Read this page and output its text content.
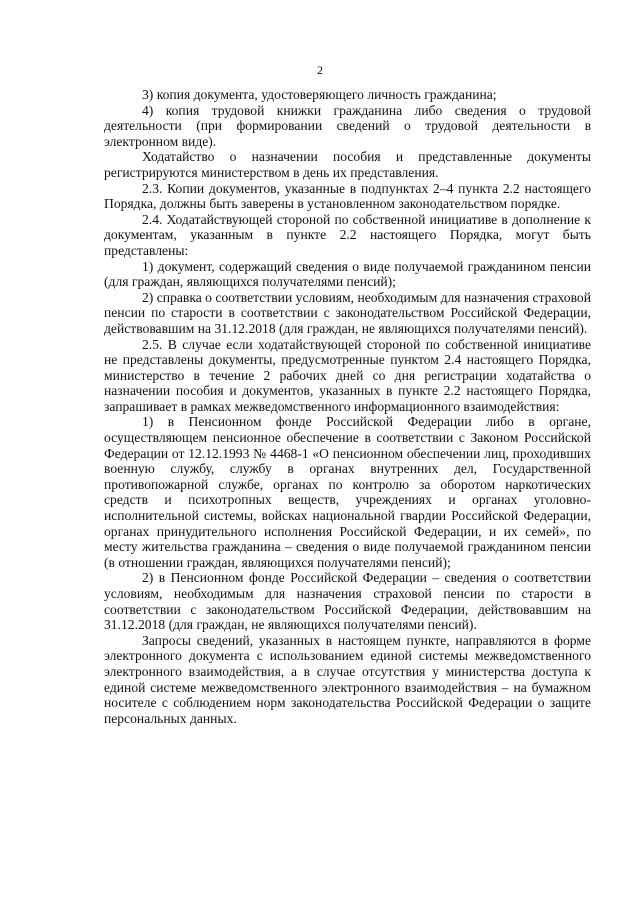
2

3) копия документа, удостоверяющего личность гражданина;

4) копия трудовой книжки гражданина либо сведения о трудовой деятельности (при формировании сведений о трудовой деятельности в электронном виде).

Ходатайство о назначении пособия и представленные документы регистрируются министерством в день их представления.

2.3. Копии документов, указанные в подпунктах 2–4 пункта 2.2 настоящего Порядка, должны быть заверены в установленном законодательством порядке.

2.4. Ходатайствующей стороной по собственной инициативе в дополнение к документам, указанным в пункте 2.2 настоящего Порядка, могут быть представлены:

1) документ, содержащий сведения о виде получаемой гражданином пенсии (для граждан, являющихся получателями пенсий);

2) справка о соответствии условиям, необходимым для назначения страховой пенсии по старости в соответствии с законодательством Российской Федерации, действовавшим на 31.12.2018 (для граждан, не являющихся получателями пенсий).

2.5. В случае если ходатайствующей стороной по собственной инициативе не представлены документы, предусмотренные пунктом 2.4 настоящего Порядка, министерство в течение 2 рабочих дней со дня регистрации ходатайства о назначении пособия и документов, указанных в пункте 2.2 настоящего Порядка, запрашивает в рамках межведомственного информационного взаимодействия:

1) в Пенсионном фонде Российской Федерации либо в органе, осуществляющем пенсионное обеспечение в соответствии с Законом Российской Федерации от 12.12.1993 № 4468-1 «О пенсионном обеспечении лиц, проходивших военную службу, службу в органах внутренних дел, Государственной противопожарной службе, органах по контролю за оборотом наркотических средств и психотропных веществ, учреждениях и органах уголовно-исполнительной системы, войсках национальной гвардии Российской Федерации, органах принудительного исполнения Российской Федерации, и их семей», по месту жительства гражданина – сведения о виде получаемой гражданином пенсии (в отношении граждан, являющихся получателями пенсий);

2) в Пенсионном фонде Российской Федерации – сведения о соответствии условиям, необходимым для назначения страховой пенсии по старости в соответствии с законодательством Российской Федерации, действовавшим на 31.12.2018 (для граждан, не являющихся получателями пенсий).

Запросы сведений, указанных в настоящем пункте, направляются в форме электронного документа с использованием единой системы межведомственного электронного взаимодействия, а в случае отсутствия у министерства доступа к единой системе межведомственного электронного взаимодействия – на бумажном носителе с соблюдением норм законодательства Российской Федерации о защите персональных данных.
